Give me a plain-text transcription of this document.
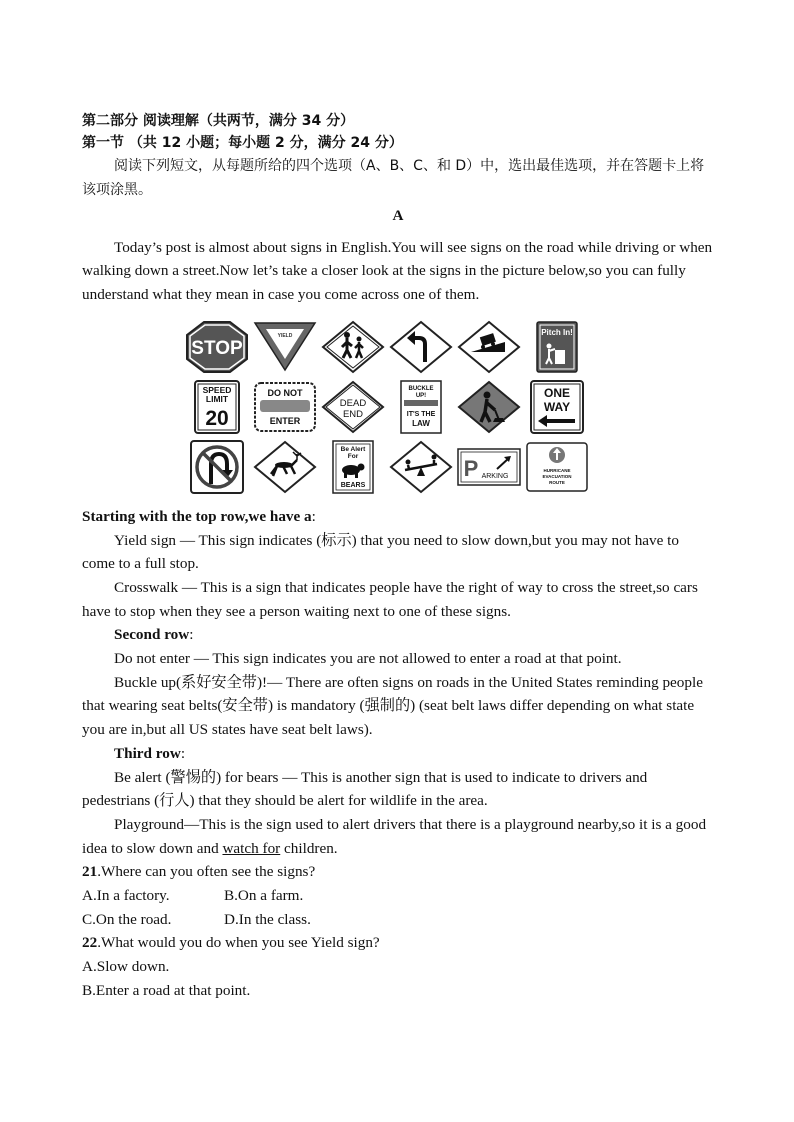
第二部分 阅读理解（共两节，满分 34 分）

第一节 （共 12 小题；每小题 2 分，满分 24 分）

阅读下列短文，从每题所给的四个选项（A、B、C、和 D）中，选出最佳选项，并在答题卡上将该项涂黑。

A

Today’s post is almost about signs in English.You will see signs on the road while driving or when walking down a street.Now let’s take a closer look at the signs in the picture below,so you can fully understand what they mean in case you come across one of them.

STOP
YIELD	Pitch In!
SPEED
LIMIT
20
DO NOT
ENTER
DEAD
END
BUCKLE
UP!
IT'S THE
LAW
ONE
WAY
Be Alert
For
BEARS
P ARKING
HURRICANE
EVACUATION
ROUTE

Starting with the top row,we have a:

Yield sign — This sign indicates (标示) that you need to slow down,but you may not have to come to a full stop.

Crosswalk — This is a sign that indicates people have the right of way to cross the street,so cars have to stop when they see a person waiting next to one of these signs.

Second row:

Do not enter — This sign indicates you are not allowed to enter a road at that point.

Buckle up(系好安全带)!— There are often signs on roads in the United States reminding people that wearing seat belts(安全带) is mandatory (强制的) (seat belt laws differ depending on what state you are in,but all US states have seat belt laws).

Third row:

Be alert (警惕的) for bears — This is another sign that is used to indicate to drivers and pedestrians (行人) that they should be alert for wildlife in the area.

Playground—This is the sign used to alert drivers that there is a playground nearby,so it is a good idea to slow down and watch for children.

21.Where can you often see the signs?

A.In a factory.	B.On a farm.

C.On the road.	D.In the class.

22.What would you do when you see Yield sign?

A.Slow down.

B.Enter a road at that point.
